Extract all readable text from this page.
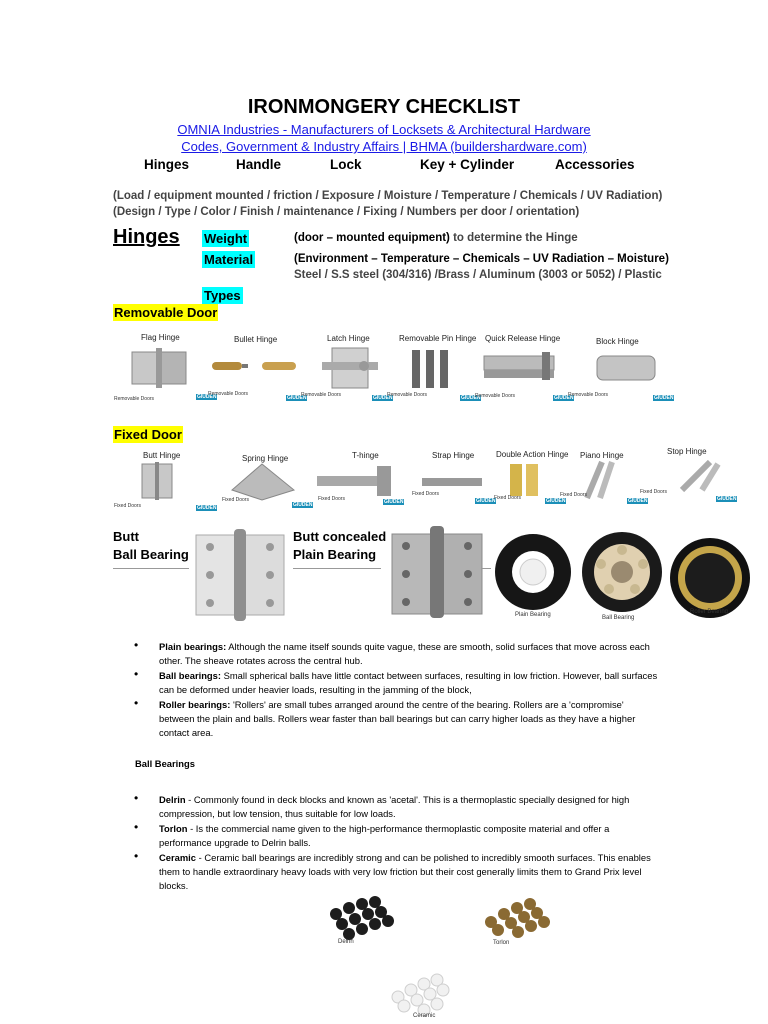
IRONMONGERY CHECKLIST
OMNIA Industries - Manufacturers of Locksets & Architectural Hardware
Codes, Government & Industry Affairs | BHMA (buildershardware.com)
Hinges	Handle	Lock	Key + Cylinder	Accessories
(Load / equipment mounted / friction / Exposure / Moisture / Temperature / Chemicals / UV Radiation)
(Design / Type / Color / Finish / maintenance / Fixing / Numbers per door / orientation)
Hinges Weight	(door – mounted equipment) to determine the Hinge
Material	(Environment – Temperature – Chemicals – UV Radiation – Moisture)
Steel / S.S steel (304/316) /Brass / Aluminum (3003 or 5052) / Plastic
Types
Removable Door
Flag Hinge	Bullet Hinge	Latch Hinge	Removable Pin Hinge Quick Release Hinge	Block Hinge
Removable Doors	GIUDEN
Removable Doors
GIUDEN
Removable Doors	GIUDEN
Removable Doors	GIUDEN
Removable Doors	GIUDEN
Removable Doors	GIUDEN
Fixed Door
Butt Hinge	Spring Hinge	T-hinge	Strap Hinge	Double Action Hinge Piano Hinge	Stop Hinge
Fixed Doors	GIUDEN
Fixed Doors
GIUDEN
Fixed Doors	GIUDEN
Fixed Doors
GIUDEN
Fixed Doors	GIUDEN
Fixed Doors
GIUDEN
Fixed Doors
GIUDEN
Butt
Ball Bearing
Butt concealed
Plain Bearing
Plain Bearing	Ball Bearing
Roller Bearing

• Plain bearings: Although the name itself sounds quite vague, these are smooth, solid surfaces that move across each other. The sheave rotates across the central hub.

• Ball bearings: Small spherical balls have little contact between surfaces, resulting in low friction. However, ball surfaces can be deformed under heavier loads, resulting in the jamming of the block,

• Roller bearings: 'Rollers' are small tubes arranged around the centre of the bearing. Rollers are a 'compromise' between the plain and balls. Rollers wear faster than ball bearings but can carry higher loads as they have a higher contact area.

Ball Bearings

• Delrin - Commonly found in deck blocks and known as 'acetal'. This is a thermoplastic specially designed for high compression, but low tension, thus suitable for low loads.

• Torlon - Is the commercial name given to the high-performance thermoplastic composite material and offer a performance upgrade to Delrin balls.

• Ceramic - Ceramic ball bearings are incredibly strong and can be polished to incredibly smooth surfaces. This enables them to handle extraordinary heavy loads with very low friction but their cost generally limits them to Grand Prix level blocks.

Delrin	Torlon
Ceramic
